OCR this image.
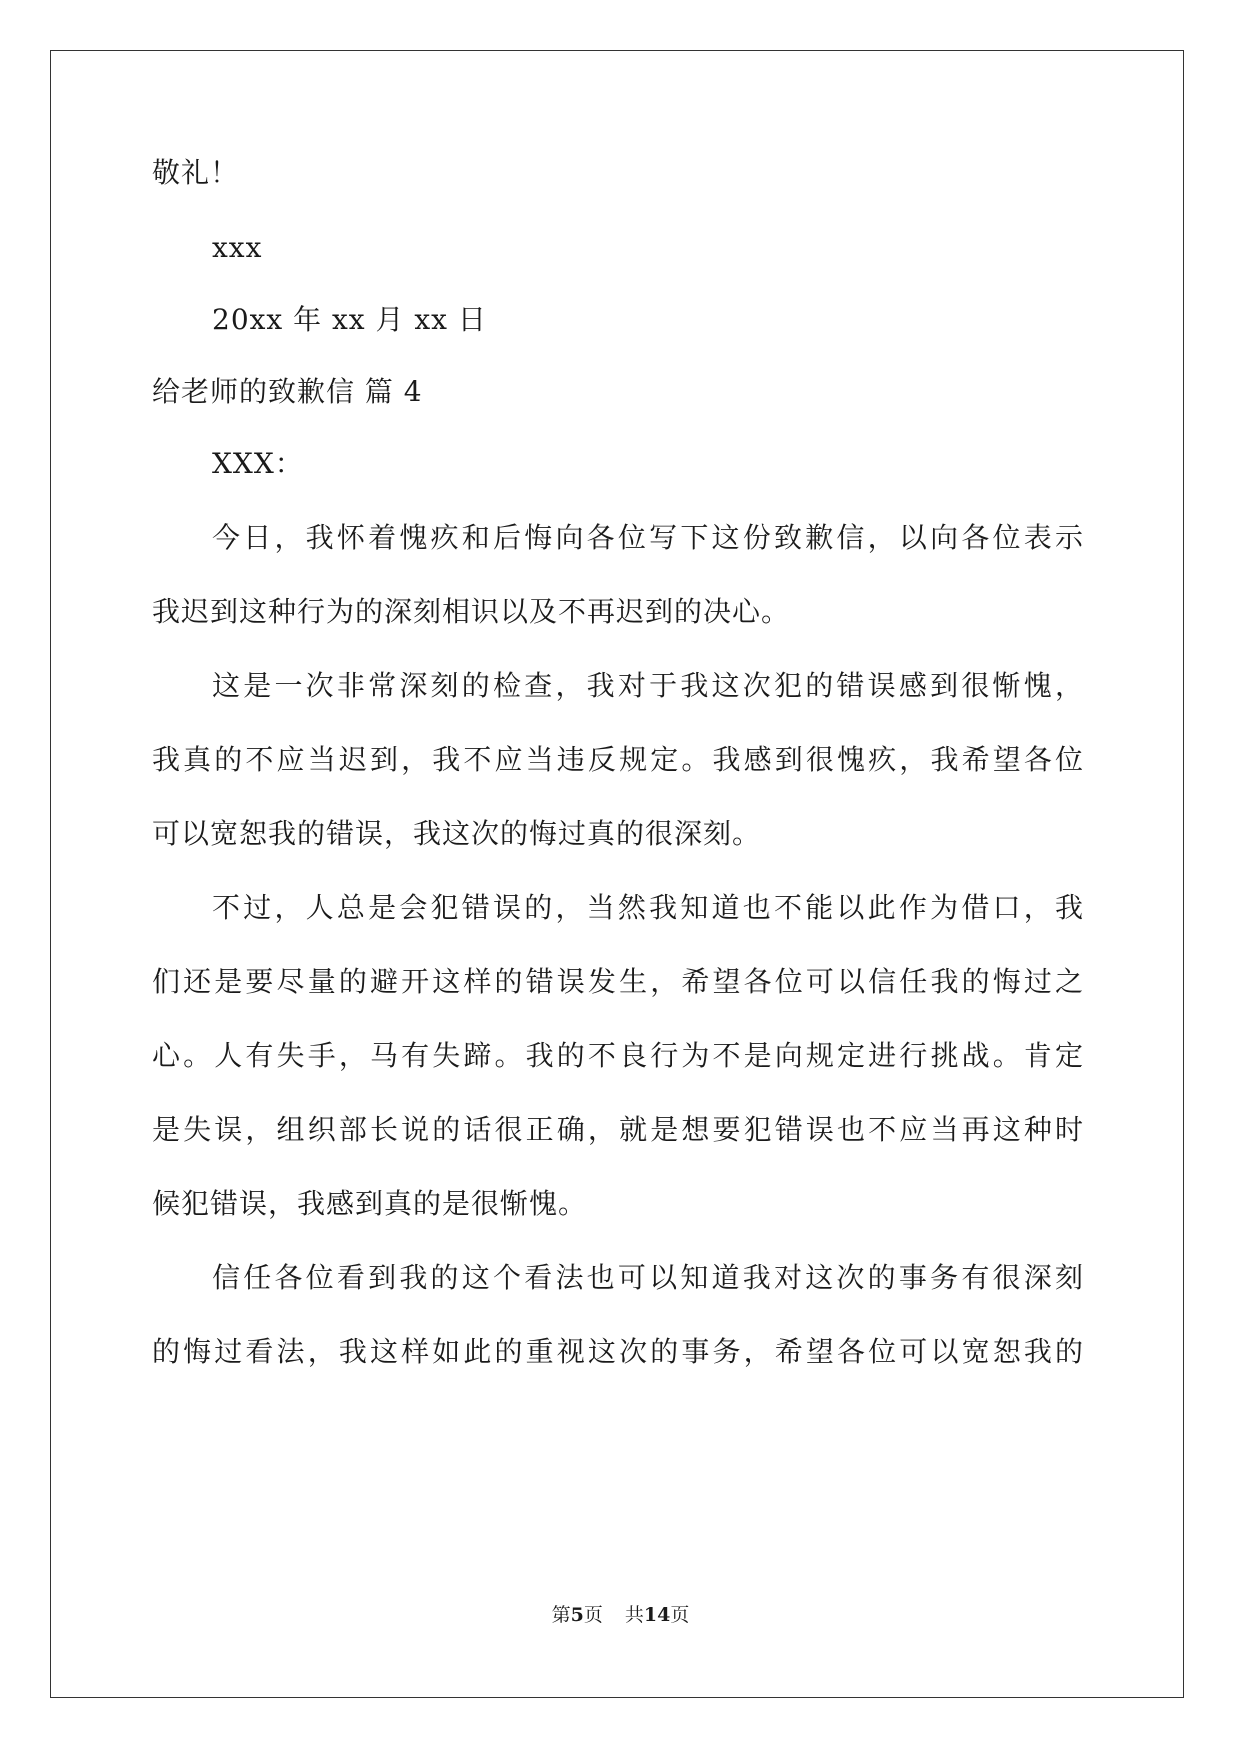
敬礼！
xxx
20xx 年 xx 月 xx 日
给老师的致歉信 篇 4
XXX：
今日，我怀着愧疚和后悔向各位写下这份致歉信，以向各位表示
我迟到这种行为的深刻相识以及不再迟到的决心。
这是一次非常深刻的检查，我对于我这次犯的错误感到很惭愧，
我真的不应当迟到，我不应当违反规定。我感到很愧疚，我希望各位
可以宽恕我的错误，我这次的悔过真的很深刻。
不过，人总是会犯错误的，当然我知道也不能以此作为借口，我
们还是要尽量的避开这样的错误发生，希望各位可以信任我的悔过之
心。人有失手，马有失蹄。我的不良行为不是向规定进行挑战。肯定
是失误，组织部长说的话很正确，就是想要犯错误也不应当再这种时
候犯错误，我感到真的是很惭愧。
信任各位看到我的这个看法也可以知道我对这次的事务有很深刻
的悔过看法，我这样如此的重视这次的事务，希望各位可以宽恕我的
第5页 共14页
